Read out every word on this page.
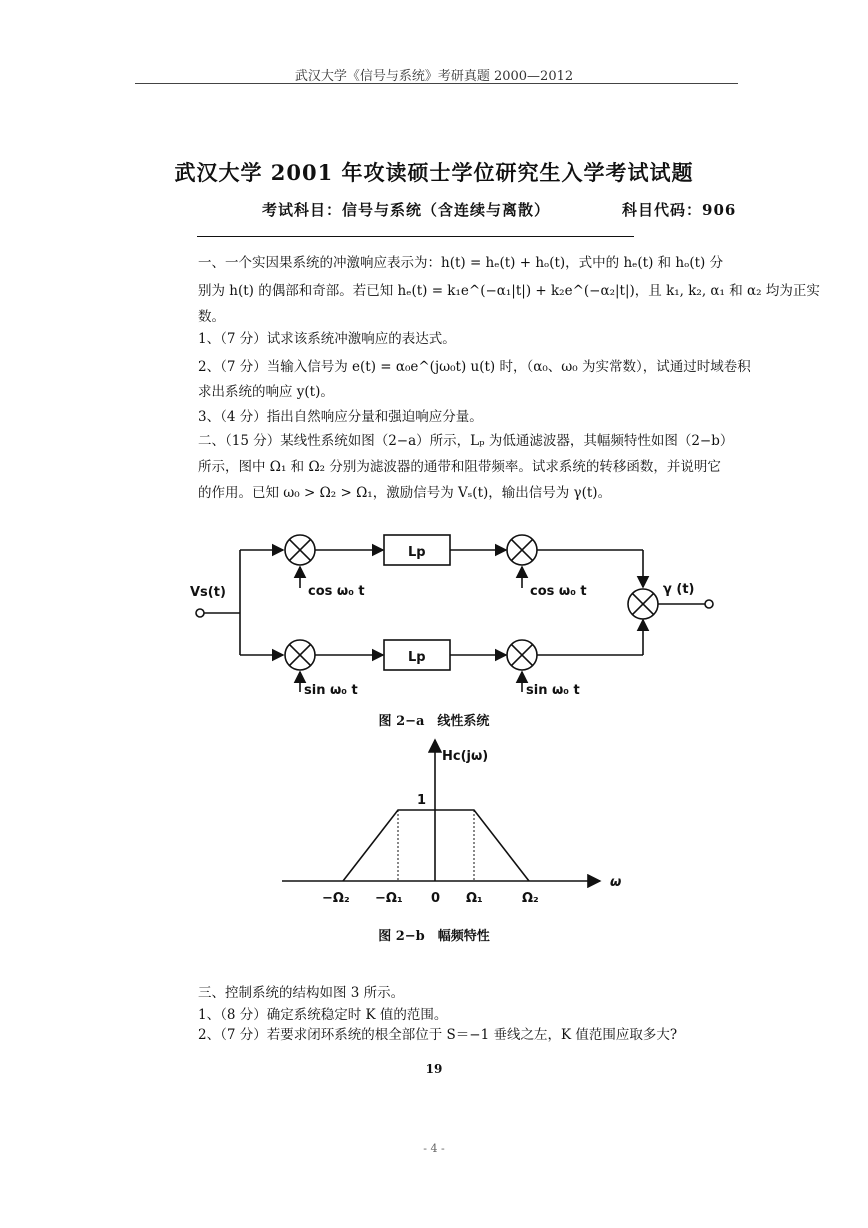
武汉大学《信号与系统》考研真题 2000—2012
武汉大学 2001 年攻读硕士学位研究生入学考试试题
考试科目：信号与系统（含连续与离散）	科目代码：906
一、一个实因果系统的冲激响应表示为：h(t) = hₑ(t) + hₒ(t)，式中的 hₑ(t) 和 hₒ(t) 分
别为 h(t) 的偶部和奇部。若已知 hₑ(t) = k₁e^(−α₁|t|) + k₂e^(−α₂|t|)，且 k₁, k₂, α₁ 和 α₂ 均为正实
数。
1、（7 分）试求该系统冲激响应的表达式。
2、（7 分）当输入信号为 e(t) = α₀e^(jω₀t) u(t) 时，（α₀、ω₀ 为实常数），试通过时域卷积
求出系统的响应 y(t)。
3、（4 分）指出自然响应分量和强迫响应分量。
二、（15 分）某线性系统如图（2−a）所示，Lₚ 为低通滤波器，其幅频特性如图（2−b）
所示，图中 Ω₁ 和 Ω₂ 分别为滤波器的通带和阻带频率。试求系统的转移函数，并说明它
的作用。已知 ω₀ > Ω₂ > Ω₁，激励信号为 Vₛ(t)，输出信号为 γ(t)。
Vs(t)	γ (t)
Lp
Lp
cos ω₀ t	cos ω₀ t
sin ω₀ t	sin ω₀ t
图 2−a　线性系统
Hc(jω)
ω
1
−Ω₂ −Ω₁ 0 Ω₁	Ω₂
图 2−b　幅频特性
三、控制系统的结构如图 3 所示。
1、（8 分）确定系统稳定时 K 值的范围。
2、（7 分）若要求闭环系统的根全部位于 S＝−1 垂线之左，K 值范围应取多大?
19
- 4 -
